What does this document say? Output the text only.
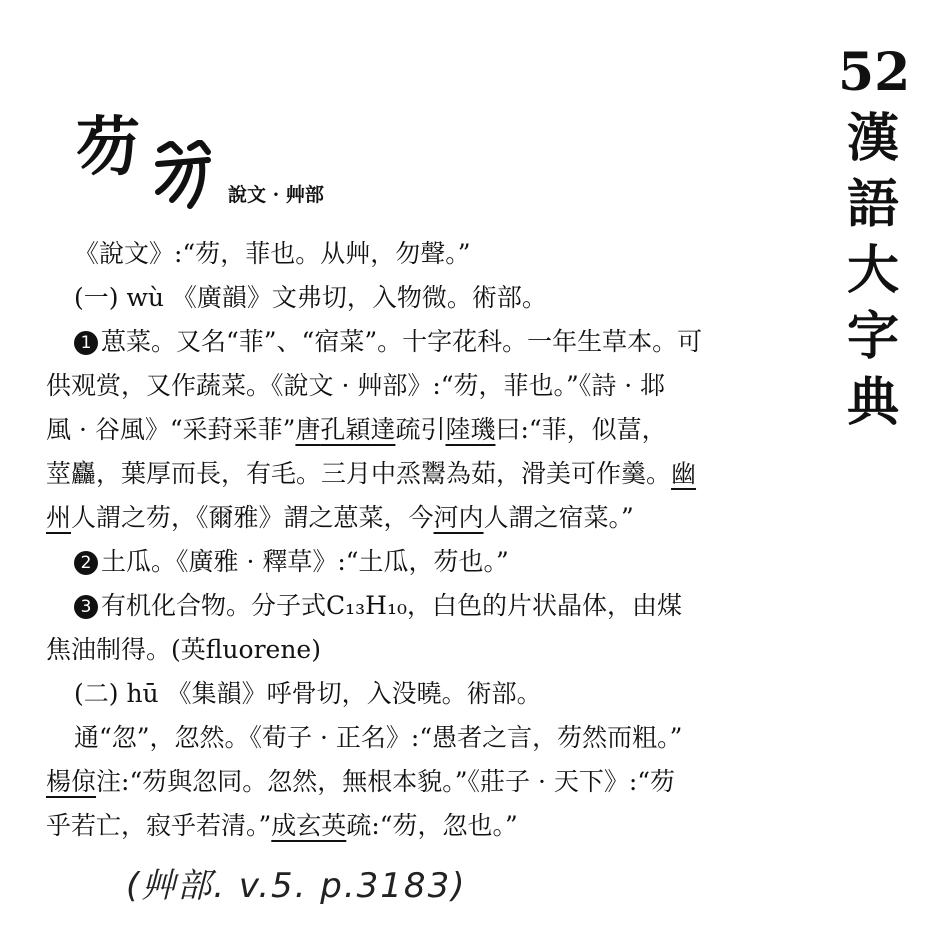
52
漢
語
大
字
典
芴
說文 · 艸部
《說文》:“芴，菲也。从艸，勿聲。”
(一) wù 《廣韻》文弗切，入物微。術部。
1 葸菜。又名“菲”、“宿菜”。十字花科。一年生草本。可
供观赏，又作蔬菜。《說文 · 艸部》:“芴，菲也。”《詩 · 邶
風 · 谷風》“采葑采菲”唐孔穎達疏引陸璣曰:“菲，似葍，
莖麤，葉厚而長，有毛。三月中烝鬻為茹，滑美可作羹。幽
州人謂之芴，《爾雅》謂之葸菜，今河内人謂之宿菜。”
2 土瓜。《廣雅 · 釋草》:“土瓜，芴也。”
3 有机化合物。分子式C₁₃H₁₀，白色的片状晶体，由煤
焦油制得。(英fluorene)
(二) hū 《集韻》呼骨切，入没曉。術部。
通“忽”，忽然。《荀子 · 正名》:“愚者之言，芴然而粗。”
楊倞注:“芴與忽同。忽然，無根本貌。”《莊子 · 天下》:“芴
乎若亡，寂乎若清。”成玄英疏:“芴，忽也。”
(艸部. v.5. p.3183)
